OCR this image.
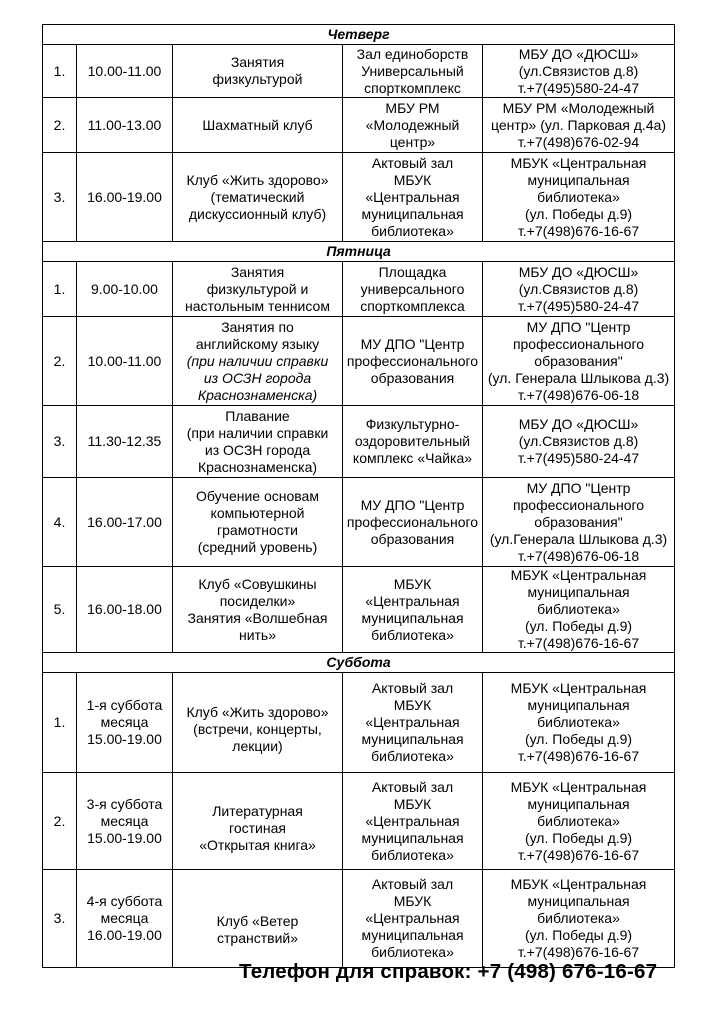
Четверг				
1.	10.00-11.00	Занятия
физкультурой	Зал единоборств
Универсальный
спорткомплекс	МБУ ДО «ДЮСШ»
(ул.Связистов д.8)
т.+7(495)580-24-47

2.	11.00-13.00	Шахматный клуб	МБУ РМ
«Молодежный
центр»	МБУ РМ «Молодежный
центр» (ул. Парковая д.4а)
т.+7(498)676-02-94

3.	16.00-19.00	Клуб «Жить здорово»
(тематический
дискуссионный клуб)	Актовый зал
МБУК
«Центральная
муниципальная
библиотека»	МБУК «Центральная
муниципальная библиотека»
(ул. Победы д.9)
т.+7(498)676-16-67

Пятница				
1.	9.00-10.00	Занятия
физкультурой и
настольным теннисом	Площадка
универсального
спорткомплекса	МБУ ДО «ДЮСШ»
(ул.Связистов д.8)
т.+7(495)580-24-47

2.	10.00-11.00	Занятия по
английскому языку
(при наличии справки
из ОСЗН города
Краснознаменска)	МУ ДПО "Центр
профессионального
образования	МУ ДПО "Центр
профессионального
образования"
(ул. Генерала Шлыкова д.3)
т.+7(498)676-06-18

3.	11.30-12.35	Плавание
(при наличии справки
из ОСЗН города
Краснознаменска)	Физкультурно-
оздоровительный
комплекс «Чайка»	МБУ ДО «ДЮСШ»
(ул.Связистов д.8)
т.+7(495)580-24-47

4.	16.00-17.00	Обучение основам
компьютерной
грамотности
(средний уровень)	МУ ДПО "Центр
профессионального
образования	МУ ДПО "Центр
профессионального
образования"
(ул.Генерала Шлыкова д.3)
т.+7(498)676-06-18

5.	16.00-18.00	Клуб «Совушкины
посиделки»
Занятия «Волшебная
нить»	МБУК
«Центральная
муниципальная
библиотека»	МБУК «Центральная
муниципальная библиотека»
(ул. Победы д.9)
т.+7(498)676-16-67

Суббота				
1.	1-я суббота
месяца
15.00-19.00	Клуб «Жить здорово»
(встречи, концерты,
лекции)	Актовый зал
МБУК
«Центральная
муниципальная
библиотека»	МБУК «Центральная
муниципальная
библиотека»
(ул. Победы д.9)
т.+7(498)676-16-67

2.	3-я суббота
месяца
15.00-19.00	Литературная
гостиная
«Открытая книга»	Актовый зал
МБУК
«Центральная
муниципальная
библиотека»	МБУК «Центральная
муниципальная
библиотека»
(ул. Победы д.9)
т.+7(498)676-16-67

3.	4-я суббота
месяца
16.00-19.00	Клуб «Ветер
странствий»	Актовый зал
МБУК
«Центральная
муниципальная
библиотека»	МБУК «Центральная
муниципальная
библиотека»
(ул. Победы д.9)
т.+7(498)676-16-67
Телефон для справок: +7 (498) 676-16-67
